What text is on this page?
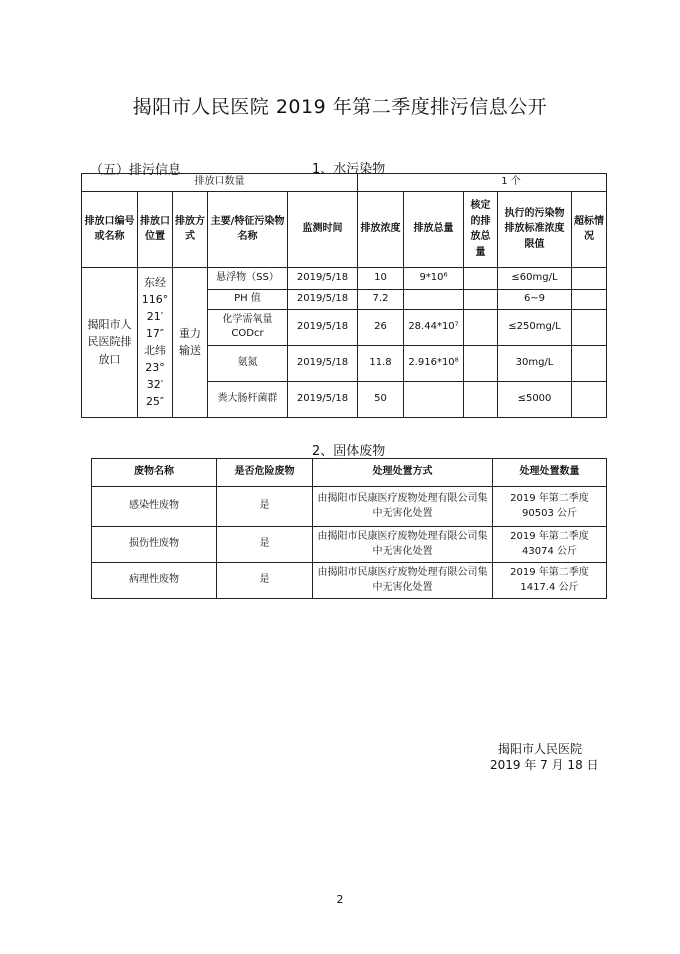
揭阳市人民医院 2019 年第二季度排污信息公开
（五）排污信息	1、水污染物
排放口数量					1 个				
排放口编号或名称	排放口位置	排放方式	主要/特征污染物名称	监测时间	排放浓度	排放总量	核定的排放总量	执行的污染物排放标准浓度限值	超标情况
揭阳市人民医院排放口	东经 116° 21′ 17″ 北纬 23° 32′ 25″	重力输送	悬浮物（SS）	2019/5/18	10	9*10⁶		≤60mg/L	
			PH 值	2019/5/18	7.2			6~9	
			化学需氧量 CODcr	2019/5/18	26	28.44*10⁷		≤250mg/L	
			氨氮	2019/5/18	11.8	2.916*10⁸		30mg/L	
			粪大肠杆菌群	2019/5/18	50			≤5000	
2、固体废物
废物名称	是否危险废物	处理处置方式	处理处置数量
感染性废物	是	由揭阳市民康医疗废物处理有限公司集中无害化处置	2019 年第二季度
90503 公斤

损伤性废物	是	由揭阳市民康医疗废物处理有限公司集中无害化处置	2019 年第二季度
43074 公斤

病理性废物	是	由揭阳市民康医疗废物处理有限公司集中无害化处置	2019 年第二季度
1417.4 公斤
揭阳市人民医院
2019 年 7 月 18 日
2
